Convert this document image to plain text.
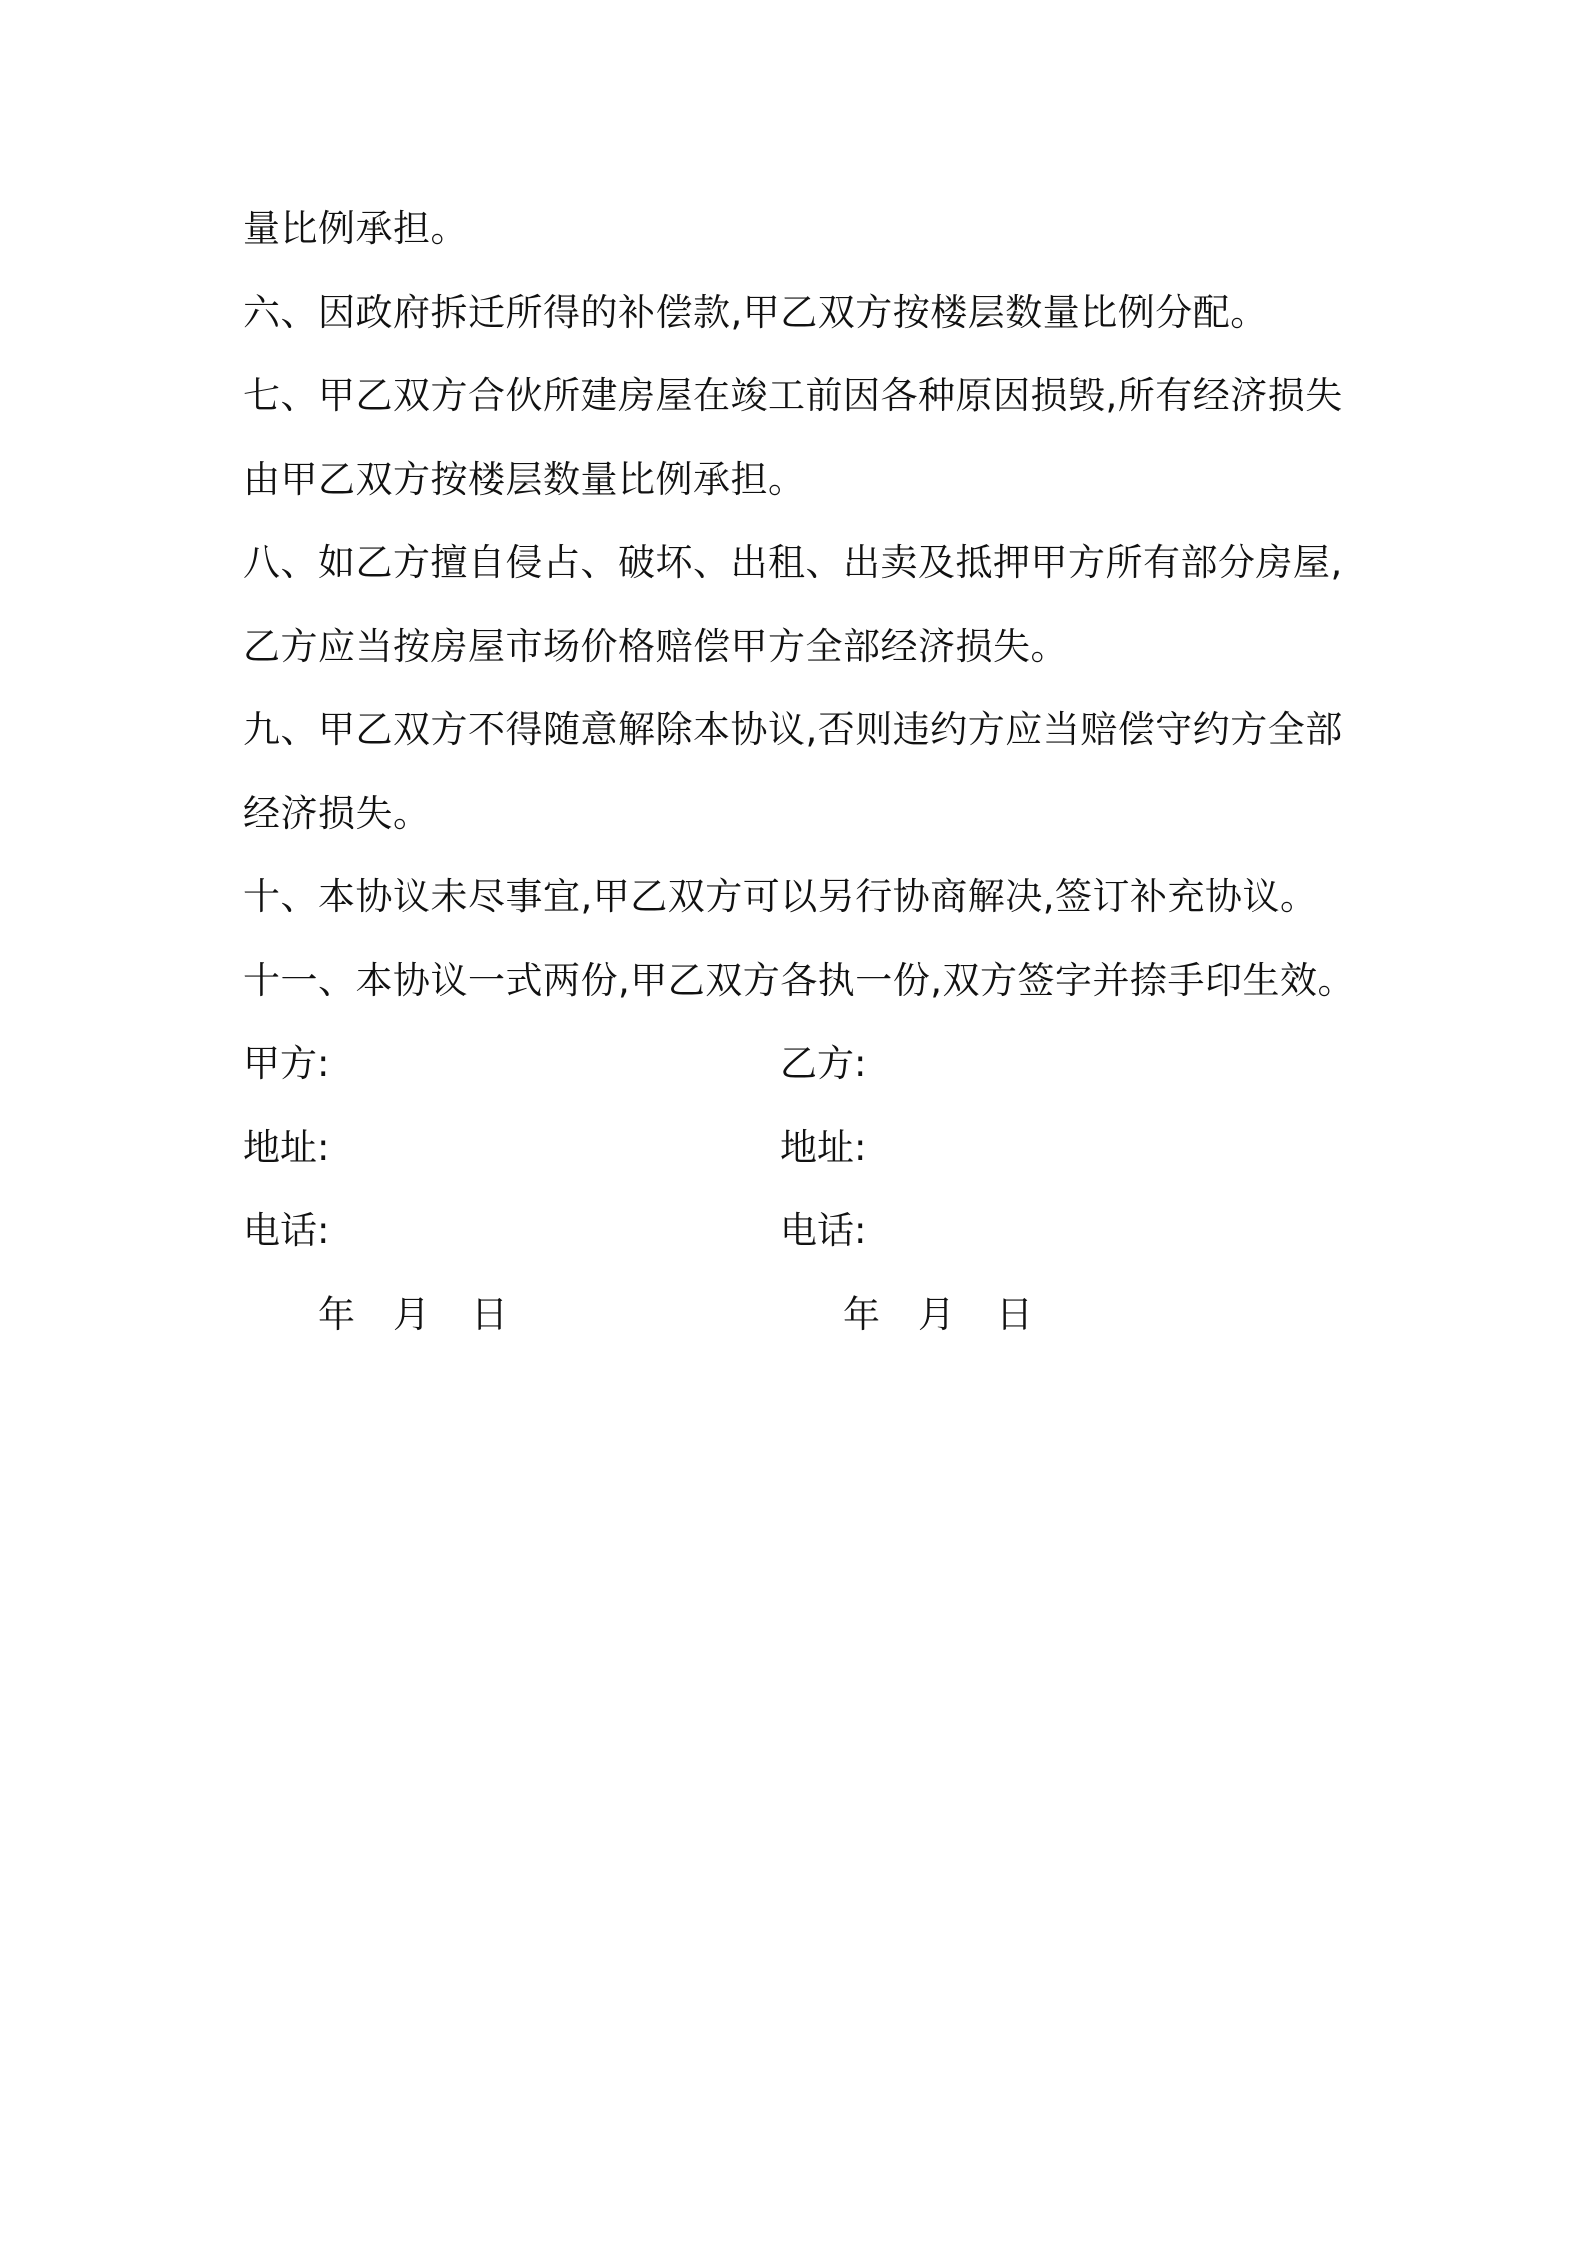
量比例承担。
六、因政府拆迁所得的补偿款,甲乙双方按楼层数量比例分配。
七、甲乙双方合伙所建房屋在竣工前因各种原因损毁,所有经济损失
由甲乙双方按楼层数量比例承担。
八、如乙方擅自侵占、破坏、出租、出卖及抵押甲方所有部分房屋,
乙方应当按房屋市场价格赔偿甲方全部经济损失。
九、甲乙双方不得随意解除本协议,否则违约方应当赔偿守约方全部
经济损失。
十、本协议未尽事宜,甲乙双方可以另行协商解决,签订补充协议。
十一、本协议一式两份,甲乙双方各执一份,双方签字并捺手印生效。
甲方:
地址:
电话:
乙方:
地址:
电话:
年 月 日	年 月 日
